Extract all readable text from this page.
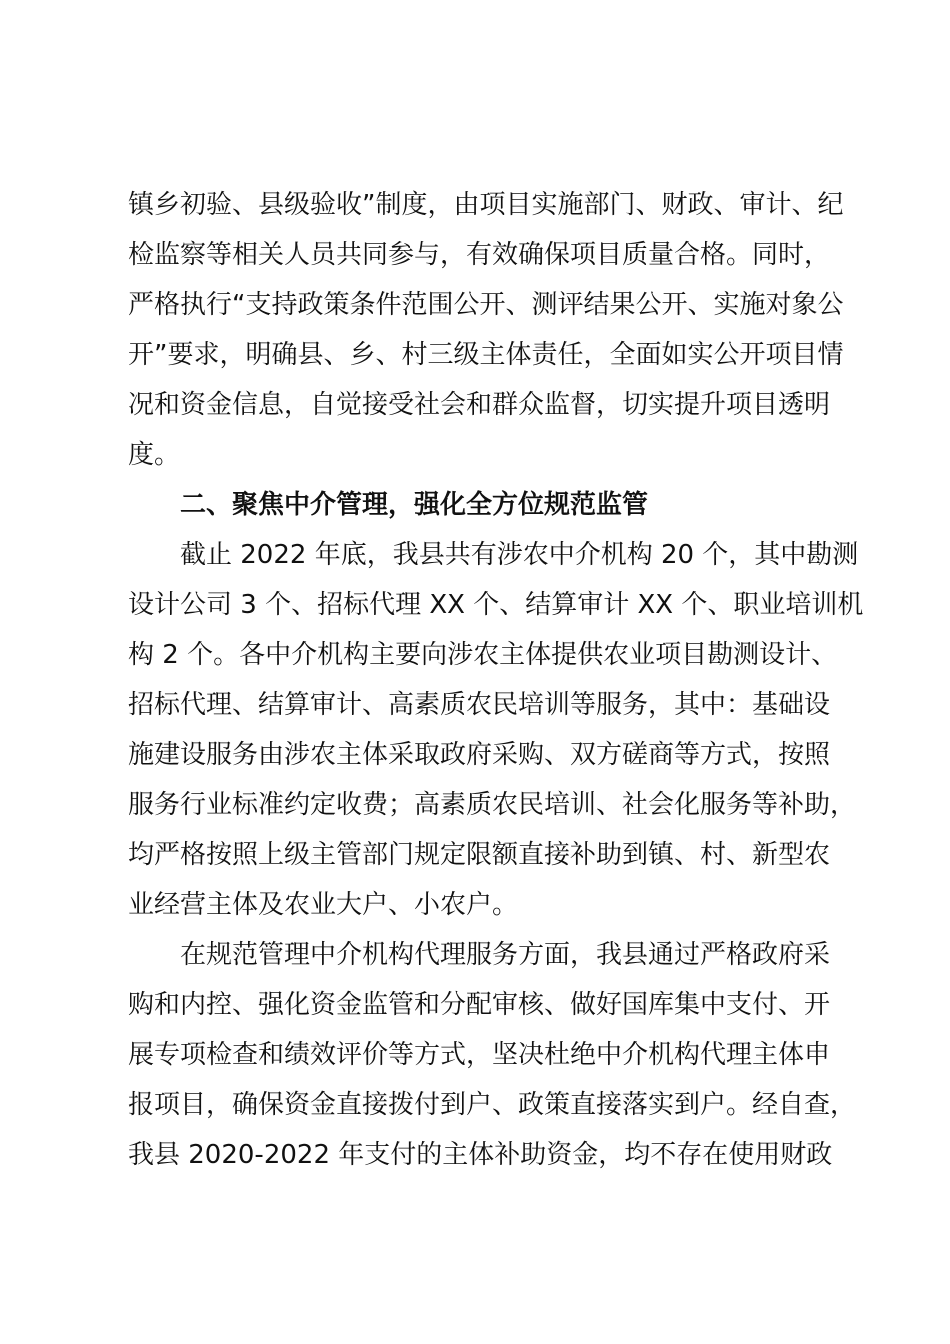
镇乡初验、县级验收”制度，由项目实施部门、财政、审计、纪
检监察等相关人员共同参与，有效确保项目质量合格。同时，
严格执行“支持政策条件范围公开、测评结果公开、实施对象公
开”要求，明确县、乡、村三级主体责任，全面如实公开项目情
况和资金信息，自觉接受社会和群众监督，切实提升项目透明
度。
二、聚焦中介管理，强化全方位规范监管
截止 2022 年底，我县共有涉农中介机构 20 个，其中勘测
设计公司 3 个、招标代理 XX 个、结算审计 XX 个、职业培训机
构 2 个。各中介机构主要向涉农主体提供农业项目勘测设计、
招标代理、结算审计、高素质农民培训等服务，其中：基础设
施建设服务由涉农主体采取政府采购、双方磋商等方式，按照
服务行业标准约定收费；高素质农民培训、社会化服务等补助，
均严格按照上级主管部门规定限额直接补助到镇、村、新型农
业经营主体及农业大户、小农户。
在规范管理中介机构代理服务方面，我县通过严格政府采
购和内控、强化资金监管和分配审核、做好国库集中支付、开
展专项检查和绩效评价等方式，坚决杜绝中介机构代理主体申
报项目，确保资金直接拨付到户、政策直接落实到户。经自查，
我县 2020-2022 年支付的主体补助资金，均不存在使用财政
